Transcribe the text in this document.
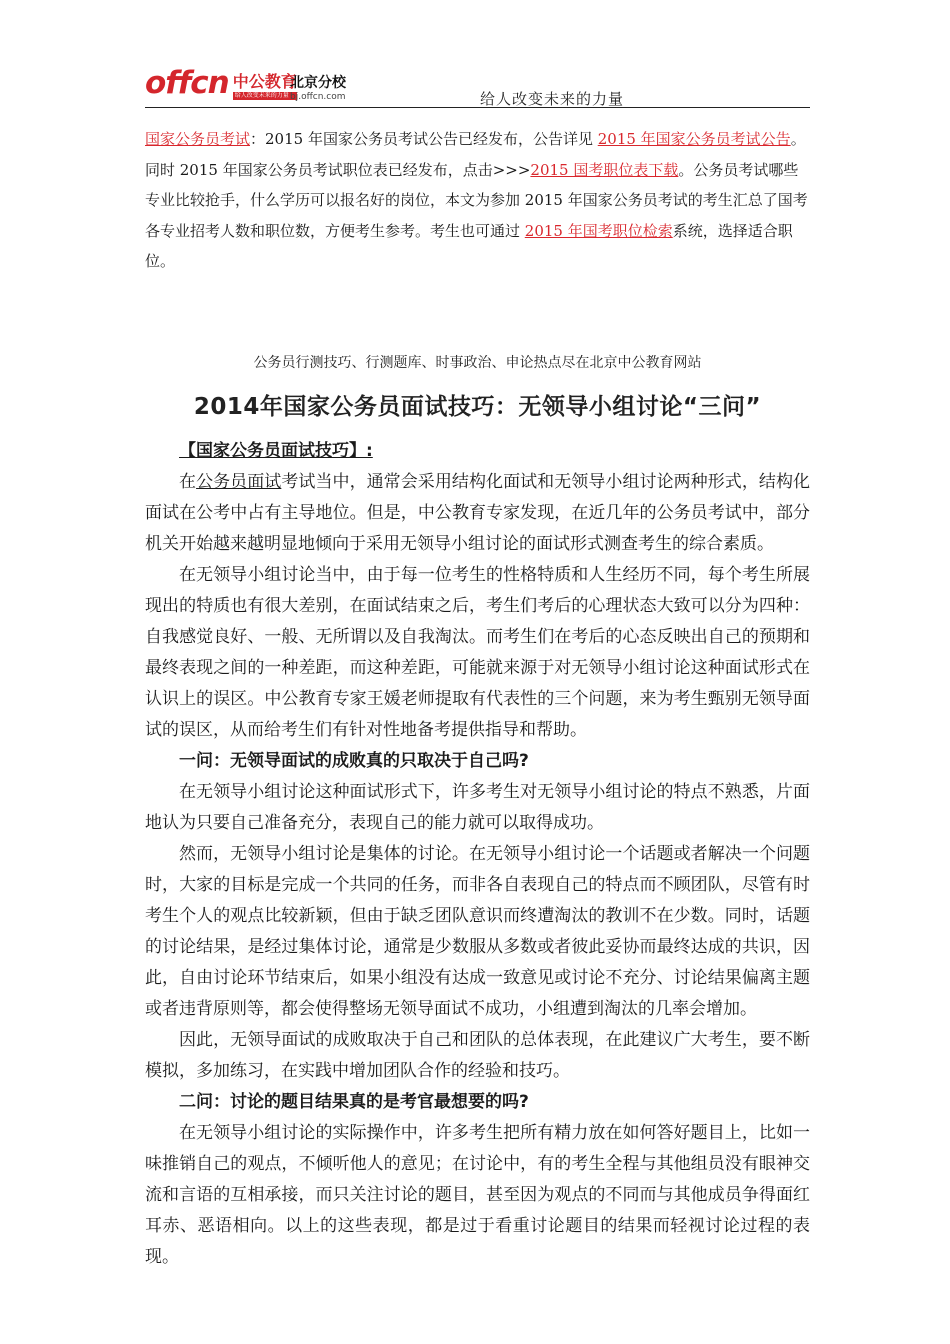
offcn 中公教育
给人改变未来的力量
北京分校
bj.offcn.com	给人改变未来的力量

国家公务员考试：2015 年国家公务员考试公告已经发布，公告详见 2015 年国家公务员考试公告。同时 2015 年国家公务员考试职位表已经发布，点击>>>2015 国考职位表下载。公务员考试哪些专业比较抢手，什么学历可以报名好的岗位，本文为参加 2015 年国家公务员考试的考生汇总了国考各专业招考人数和职位数，方便考生参考。考生也可通过 2015 年国考职位检索系统，选择适合职位。

公务员行测技巧、行测题库、时事政治、申论热点尽在北京中公教育网站
2014年国家公务员面试技巧：无领导小组讨论“三问”

【国家公务员面试技巧】:

在公务员面试考试当中，通常会采用结构化面试和无领导小组讨论两种形式，结构化面试在公考中占有主导地位。但是，中公教育专家发现，在近几年的公务员考试中，部分机关开始越来越明显地倾向于采用无领导小组讨论的面试形式测查考生的综合素质。

在无领导小组讨论当中，由于每一位考生的性格特质和人生经历不同，每个考生所展现出的特质也有很大差别，在面试结束之后，考生们考后的心理状态大致可以分为四种：自我感觉良好、一般、无所谓以及自我淘汰。而考生们在考后的心态反映出自己的预期和最终表现之间的一种差距，而这种差距，可能就来源于对无领导小组讨论这种面试形式在认识上的误区。中公教育专家王媛老师提取有代表性的三个问题，来为考生甄别无领导面试的误区，从而给考生们有针对性地备考提供指导和帮助。

一问：无领导面试的成败真的只取决于自己吗?

在无领导小组讨论这种面试形式下，许多考生对无领导小组讨论的特点不熟悉，片面地认为只要自己准备充分，表现自己的能力就可以取得成功。

然而，无领导小组讨论是集体的讨论。在无领导小组讨论一个话题或者解决一个问题时，大家的目标是完成一个共同的任务，而非各自表现自己的特点而不顾团队，尽管有时考生个人的观点比较新颖，但由于缺乏团队意识而终遭淘汰的教训不在少数。同时，话题的讨论结果，是经过集体讨论，通常是少数服从多数或者彼此妥协而最终达成的共识，因此，自由讨论环节结束后，如果小组没有达成一致意见或讨论不充分、讨论结果偏离主题或者违背原则等，都会使得整场无领导面试不成功，小组遭到淘汰的几率会增加。

因此，无领导面试的成败取决于自己和团队的总体表现，在此建议广大考生，要不断模拟，多加练习，在实践中增加团队合作的经验和技巧。

二问：讨论的题目结果真的是考官最想要的吗?

在无领导小组讨论的实际操作中，许多考生把所有精力放在如何答好题目上，比如一味推销自己的观点，不倾听他人的意见；在讨论中，有的考生全程与其他组员没有眼神交流和言语的互相承接，而只关注讨论的题目，甚至因为观点的不同而与其他成员争得面红耳赤、恶语相向。以上的这些表现，都是过于看重讨论题目的结果而轻视讨论过程的表现。
